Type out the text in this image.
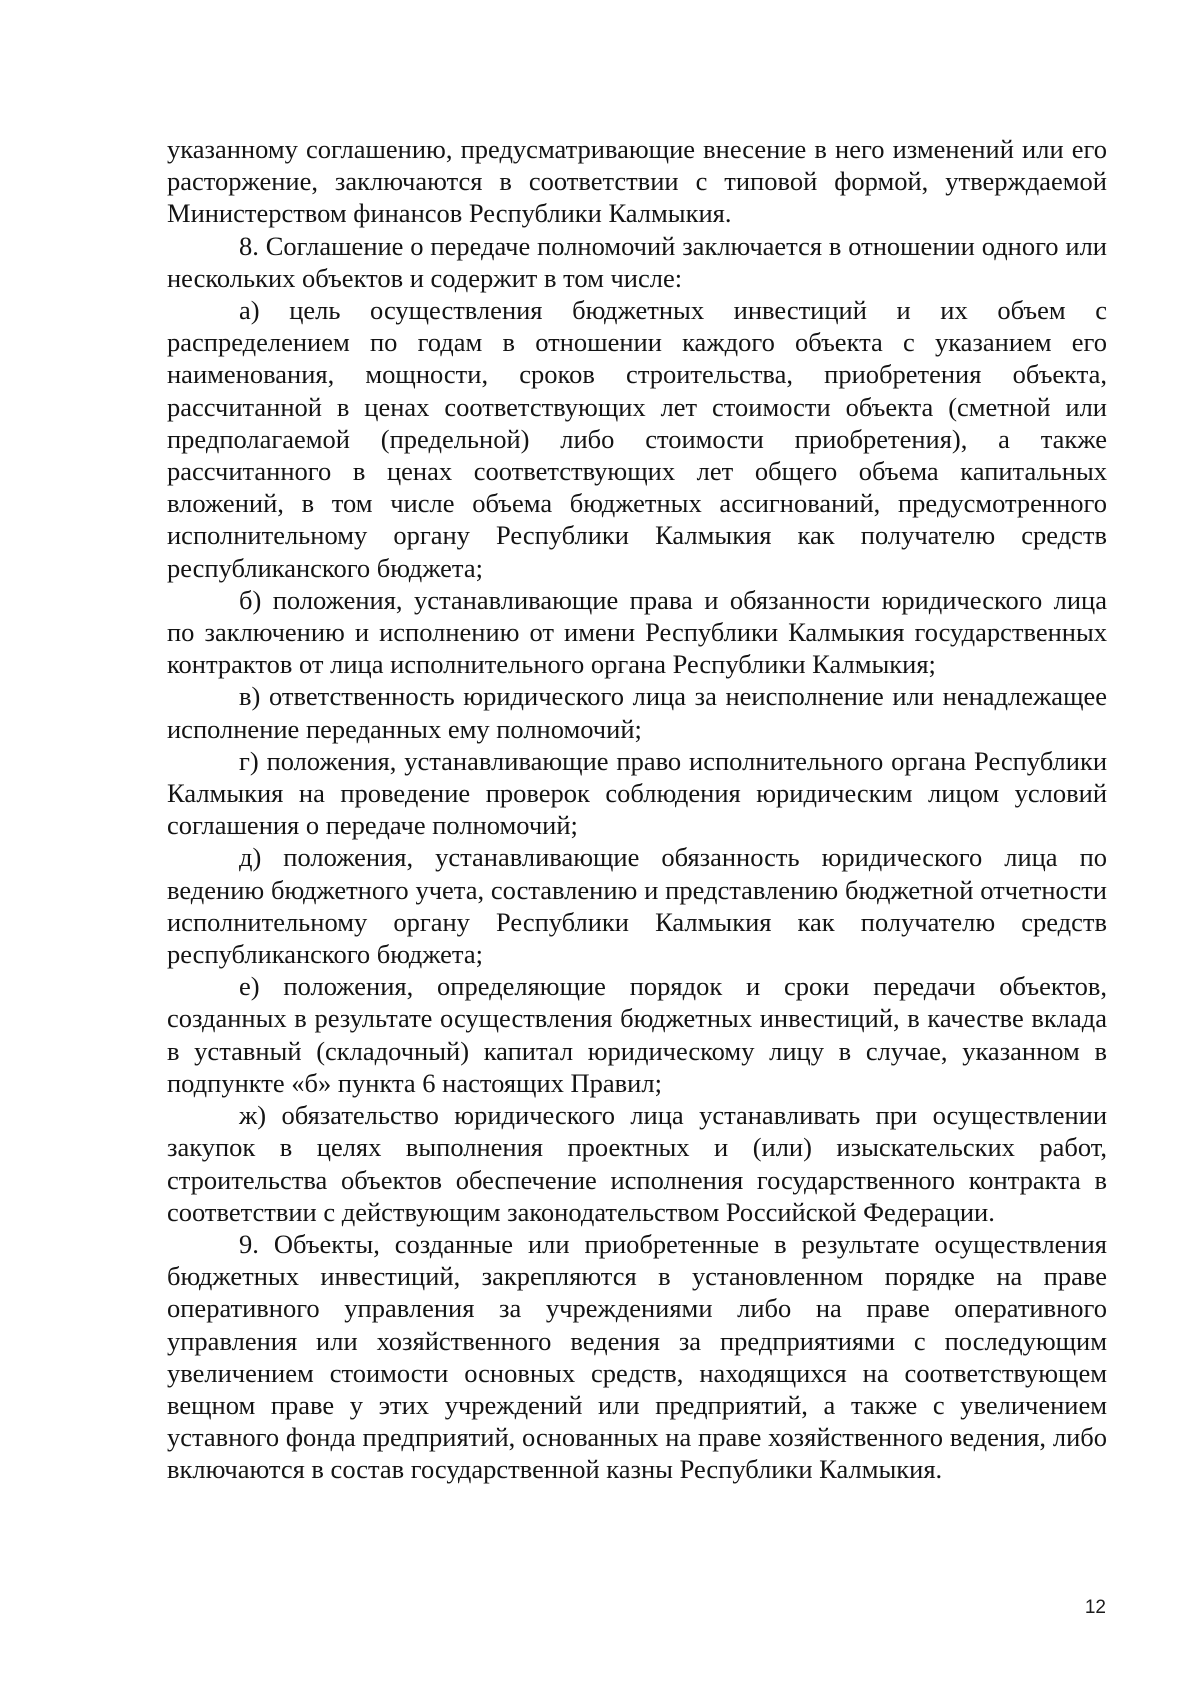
указанному соглашению, предусматривающие внесение в него изменений или его расторжение, заключаются в соответствии с типовой формой, утверждаемой Министерством финансов Республики Калмыкия.

8. Соглашение о передаче полномочий заключается в отношении одного или нескольких объектов и содержит в том числе:

а) цель осуществления бюджетных инвестиций и их объем с распределением по годам в отношении каждого объекта с указанием его наименования, мощности, сроков строительства, приобретения объекта, рассчитанной в ценах соответствующих лет стоимости объекта (сметной или предполагаемой (предельной) либо стоимости приобретения), а также рассчитанного в ценах соответствующих лет общего объема капитальных вложений, в том числе объема бюджетных ассигнований, предусмотренного исполнительному органу Республики Калмыкия как получателю средств республиканского бюджета;

б) положения, устанавливающие права и обязанности юридического лица по заключению и исполнению от имени Республики Калмыкия государственных контрактов от лица исполнительного органа Республики Калмыкия;

в) ответственность юридического лица за неисполнение или ненадлежащее исполнение переданных ему полномочий;

г) положения, устанавливающие право исполнительного органа Республики Калмыкия на проведение проверок соблюдения юридическим лицом условий соглашения о передаче полномочий;

д) положения, устанавливающие обязанность юридического лица по ведению бюджетного учета, составлению и представлению бюджетной отчетности исполнительному органу Республики Калмыкия как получателю средств республиканского бюджета;

е) положения, определяющие порядок и сроки передачи объектов, созданных в результате осуществления бюджетных инвестиций, в качестве вклада в уставный (складочный) капитал юридическому лицу в случае, указанном в подпункте «б» пункта 6 настоящих Правил;

ж) обязательство юридического лица устанавливать при осуществлении закупок в целях выполнения проектных и (или) изыскательских работ, строительства объектов обеспечение исполнения государственного контракта в соответствии с действующим законодательством Российской Федерации.

9. Объекты, созданные или приобретенные в результате осуществления бюджетных инвестиций, закрепляются в установленном порядке на праве оперативного управления за учреждениями либо на праве оперативного управления или хозяйственного ведения за предприятиями с последующим увеличением стоимости основных средств, находящихся на соответствующем вещном праве у этих учреждений или предприятий, а также с увеличением уставного фонда предприятий, основанных на праве хозяйственного ведения, либо включаются в состав государственной казны Республики Калмыкия.

12
